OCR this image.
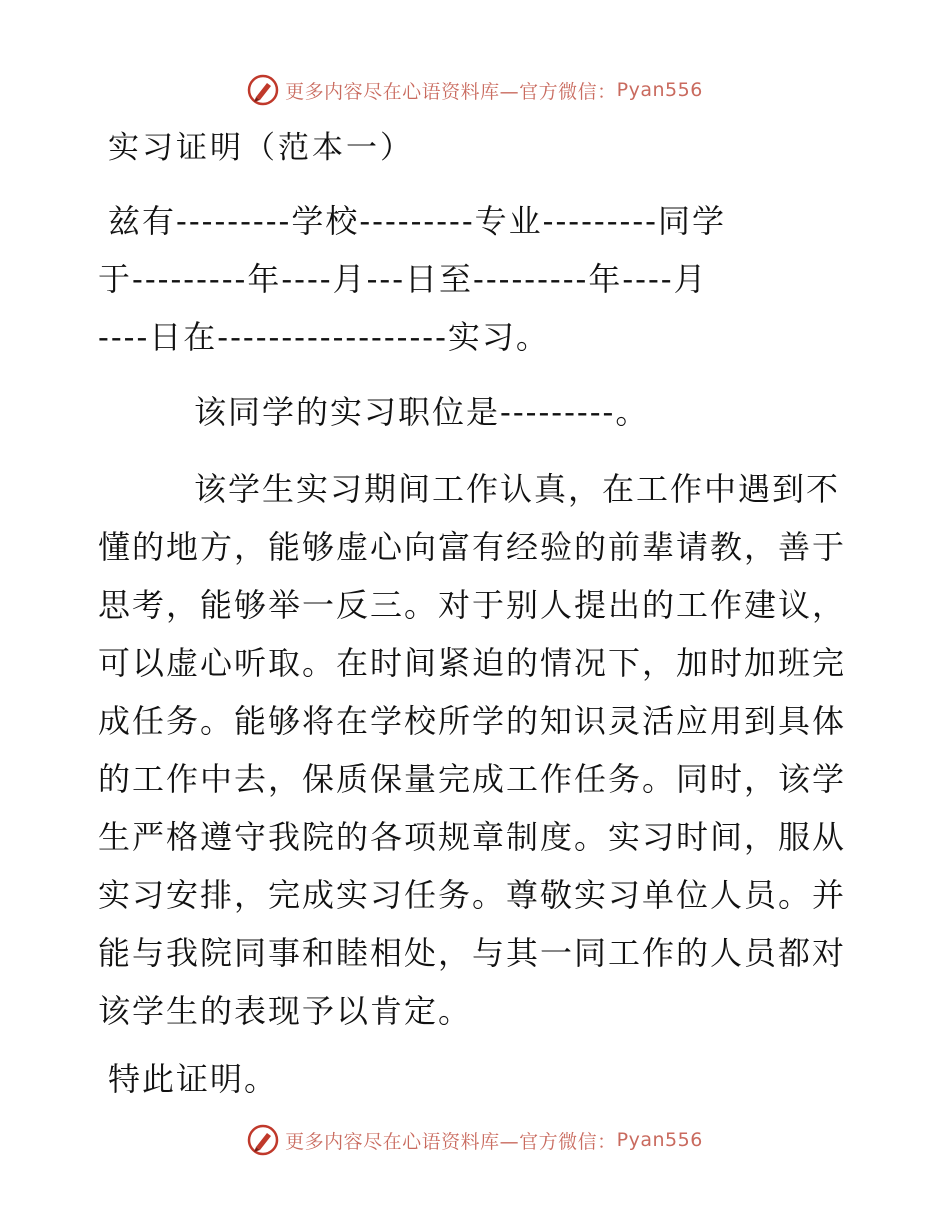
更多内容尽在心语资料库—官方微信： Pyan556
实习证明（范本一）
兹有---------学校---------专业---------同学
于---------年----月---日至---------年----月
----日在------------------实习。
该同学的实习职位是---------。
该学生实习期间工作认真，在工作中遇到不
懂的地方，能够虚心向富有经验的前辈请教，善于
思考，能够举一反三。对于别人提出的工作建议，
可以虚心听取。在时间紧迫的情况下，加时加班完
成任务。能够将在学校所学的知识灵活应用到具体
的工作中去，保质保量完成工作任务。同时，该学
生严格遵守我院的各项规章制度。实习时间，服从
实习安排，完成实习任务。尊敬实习单位人员。并
能与我院同事和睦相处，与其一同工作的人员都对
该学生的表现予以肯定。
特此证明。
更多内容尽在心语资料库—官方微信： Pyan556
